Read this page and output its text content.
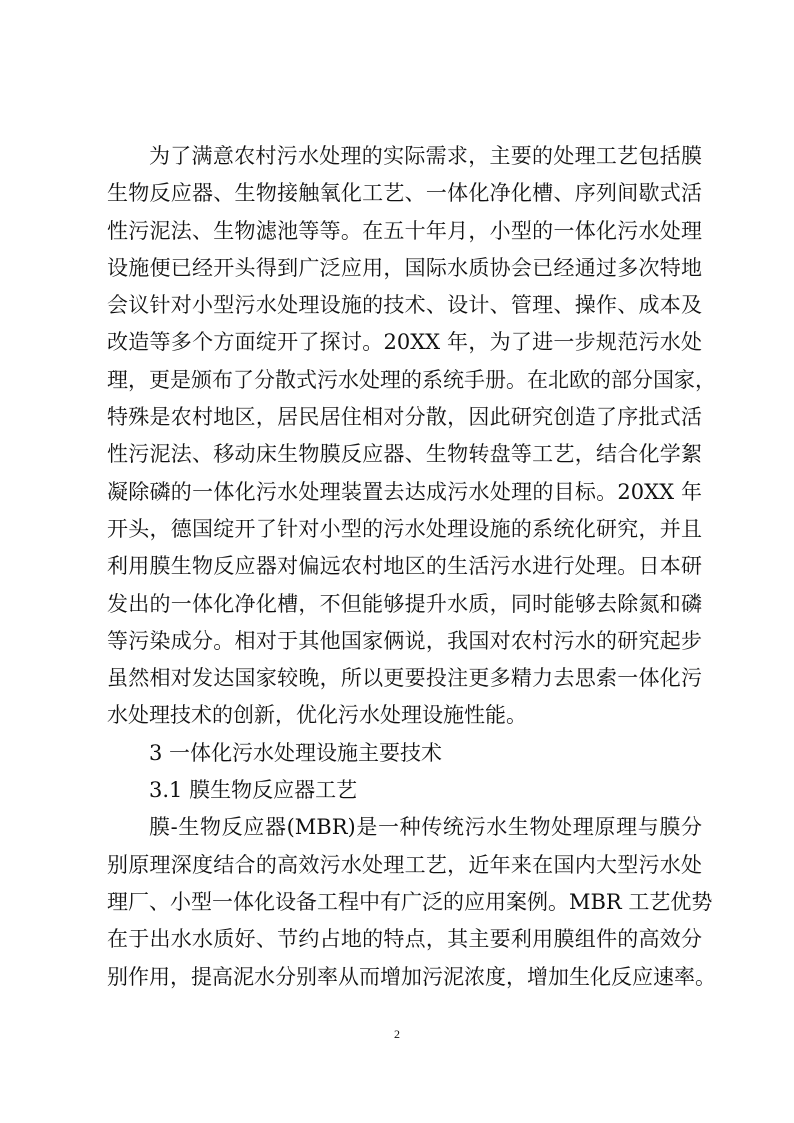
为了满意农村污水处理的实际需求，主要的处理工艺包括膜
生物反应器、生物接触氧化工艺、一体化净化槽、序列间歇式活
性污泥法、生物滤池等等。在五十年月，小型的一体化污水处理
设施便已经开头得到广泛应用，国际水质协会已经通过多次特地
会议针对小型污水处理设施的技术、设计、管理、操作、成本及
改造等多个方面绽开了探讨。20XX 年，为了进一步规范污水处
理，更是颁布了分散式污水处理的系统手册。在北欧的部分国家，
特殊是农村地区，居民居住相对分散，因此研究创造了序批式活
性污泥法、移动床生物膜反应器、生物转盘等工艺，结合化学絮
凝除磷的一体化污水处理装置去达成污水处理的目标。20XX 年
开头，德国绽开了针对小型的污水处理设施的系统化研究，并且
利用膜生物反应器对偏远农村地区的生活污水进行处理。日本研
发出的一体化净化槽，不但能够提升水质，同时能够去除氮和磷
等污染成分。相对于其他国家俩说，我国对农村污水的研究起步
虽然相对发达国家较晚，所以更要投注更多精力去思索一体化污
水处理技术的创新，优化污水处理设施性能。
3 一体化污水处理设施主要技术
3.1 膜生物反应器工艺
膜-生物反应器(MBR)是一种传统污水生物处理原理与膜分
别原理深度结合的高效污水处理工艺，近年来在国内大型污水处
理厂、小型一体化设备工程中有广泛的应用案例。MBR 工艺优势
在于出水水质好、节约占地的特点，其主要利用膜组件的高效分
别作用，提高泥水分别率从而增加污泥浓度，增加生化反应速率。
2
